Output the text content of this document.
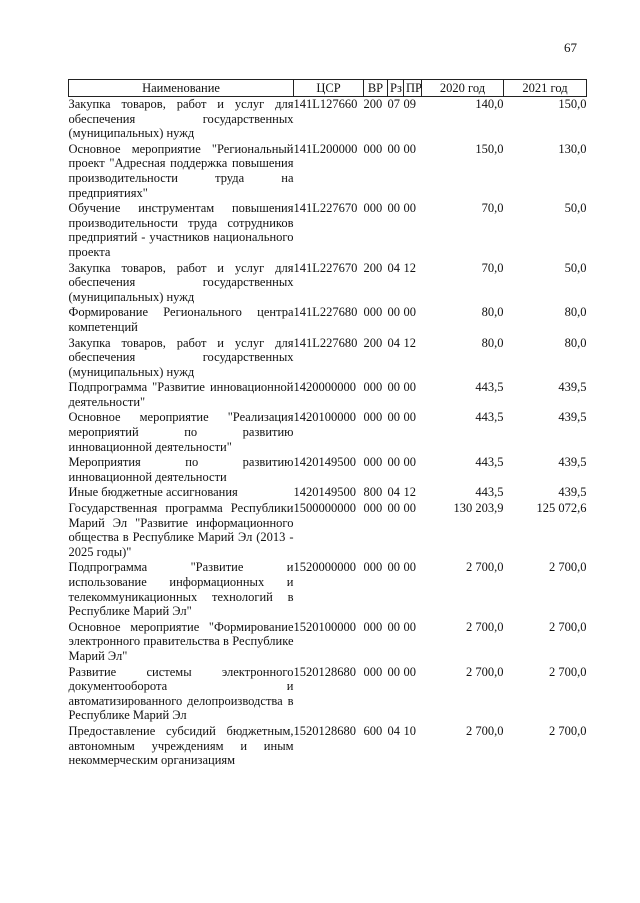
67
Наименование	ЦСР	ВР	Рз	ПР	2020 год	2021 год
Закупка товаров, работ и услуг для обеспечения государственных (муниципальных) нужд	141L127660	200	07	09	140,0	150,0
Основное мероприятие "Региональный проект "Адресная поддержка повышения производительности труда на предприятиях"	141L200000	000	00	00	150,0	130,0
Обучение инструментам повышения производительности труда сотрудников предприятий - участников национального проекта	141L227670	000	00	00	70,0	50,0
Закупка товаров, работ и услуг для обеспечения государственных (муниципальных) нужд	141L227670	200	04	12	70,0	50,0
Формирование Регионального центра компетенций	141L227680	000	00	00	80,0	80,0
Закупка товаров, работ и услуг для обеспечения государственных (муниципальных) нужд	141L227680	200	04	12	80,0	80,0
Подпрограмма "Развитие инновационной деятельности"	1420000000	000	00	00	443,5	439,5
Основное мероприятие "Реализация мероприятий по развитию инновационной деятельности"	1420100000	000	00	00	443,5	439,5
Мероприятия по развитию инновационной деятельности	1420149500	000	00	00	443,5	439,5
Иные бюджетные ассигнования	1420149500	800	04	12	443,5	439,5
Государственная программа Республики Марий Эл "Развитие информационного общества в Республике Марий Эл (2013 - 2025 годы)"	1500000000	000	00	00	130 203,9	125 072,6
Подпрограмма "Развитие и использование информационных и телекоммуникационных технологий в Республике Марий Эл"	1520000000	000	00	00	2 700,0	2 700,0
Основное мероприятие "Формирование электронного правительства в Республике Марий Эл"	1520100000	000	00	00	2 700,0	2 700,0
Развитие системы электронного документооборота и автоматизированного делопроизводства в Республике Марий Эл	1520128680	000	00	00	2 700,0	2 700,0
Предоставление субсидий бюджетным, автономным учреждениям и иным некоммерческим организациям	1520128680	600	04	10	2 700,0	2 700,0
